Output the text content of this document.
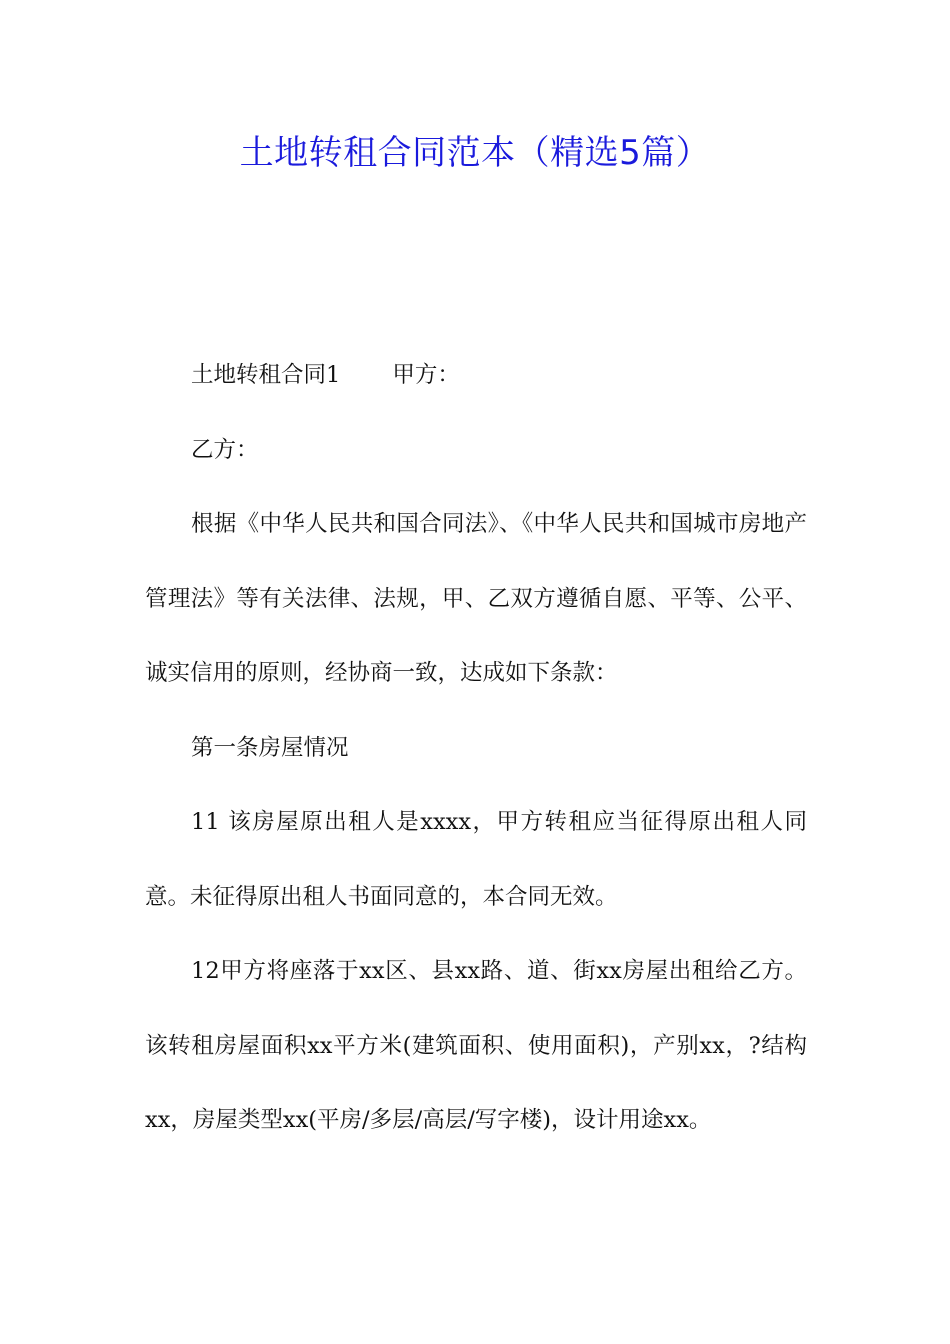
土地转租合同范本（精选5篇）

土地转租合同1 甲方：

乙方：

根据《中华人民共和国合同法》、《中华人民共和国城市房地产管理法》等有关法律、法规，甲、乙双方遵循自愿、平等、公平、诚实信用的原则，经协商一致，达成如下条款：

第一条房屋情况

11 该房屋原出租人是xxxx，甲方转租应当征得原出租人同意。未征得原出租人书面同意的，本合同无效。

12甲方将座落于xx区、县xx路、道、街xx房屋出租给乙方。该转租房屋面积xx平方米(建筑面积、使用面积)，产别xx，?结构xx，房屋类型xx(平房/多层/高层/写字楼)，设计用途xx。
